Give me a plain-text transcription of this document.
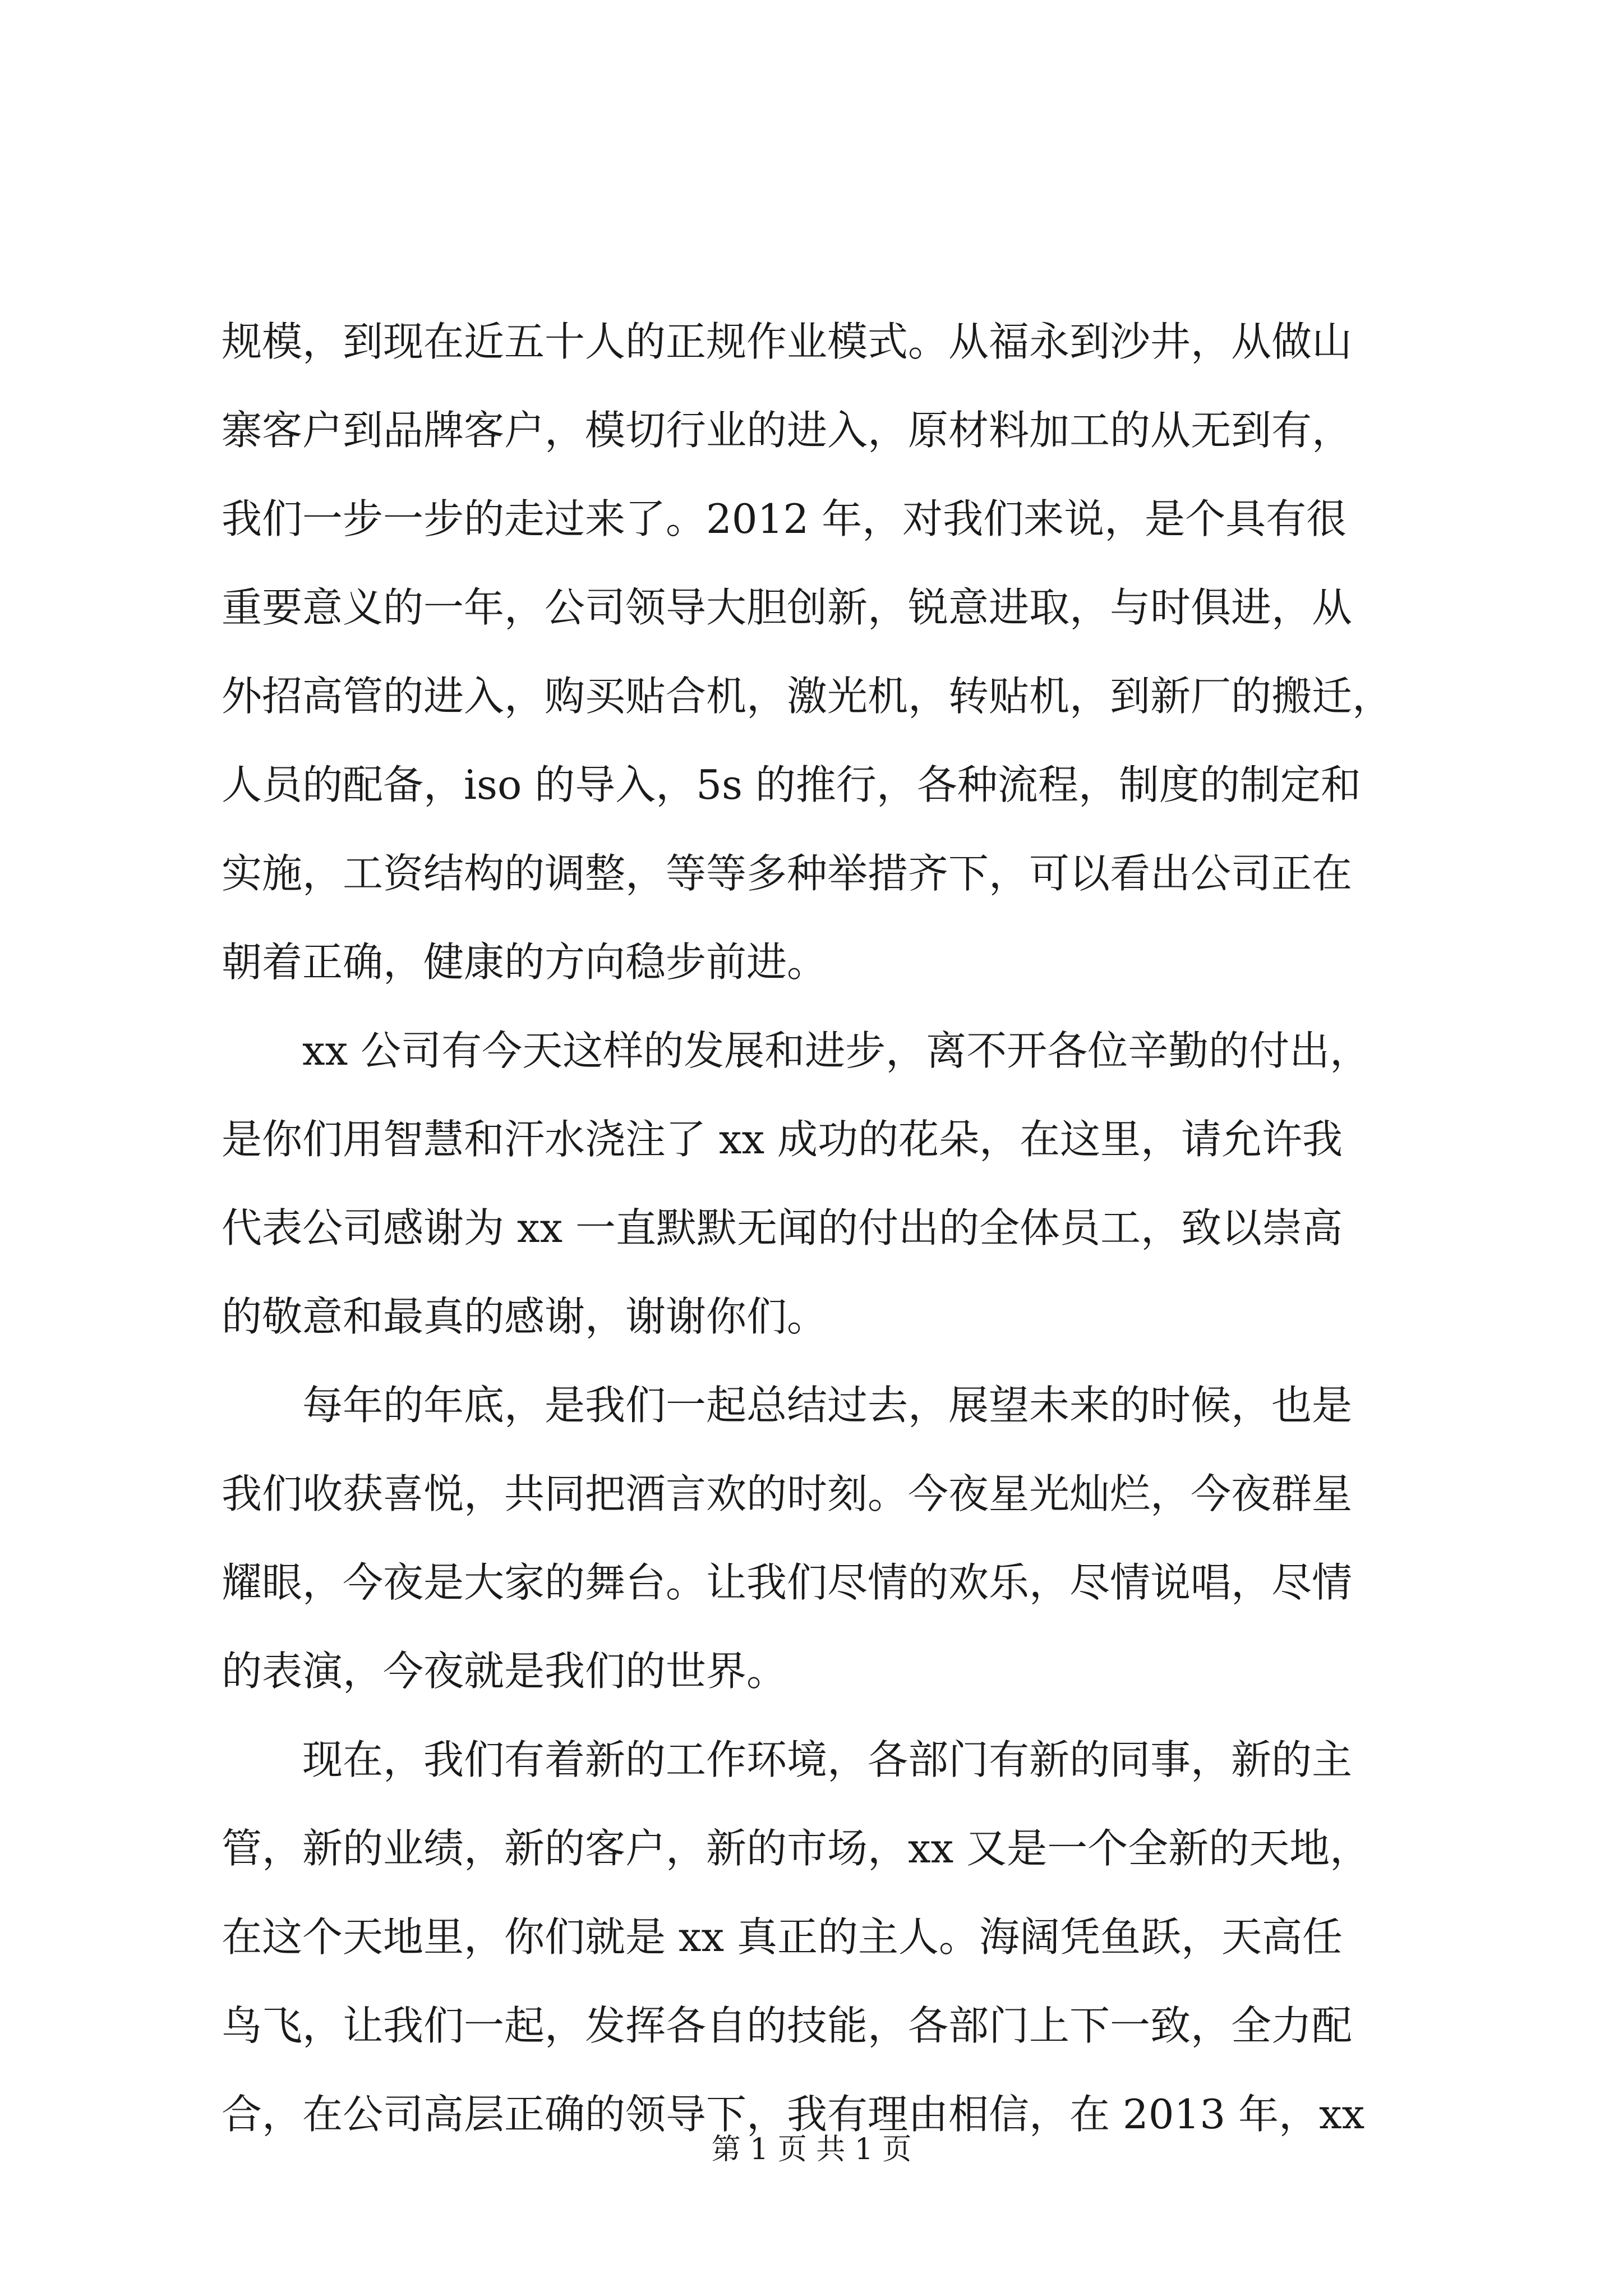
规模，到现在近五十人的正规作业模式。从福永到沙井，从做山
寨客户到品牌客户，模切行业的进入，原材料加工的从无到有，
我们一步一步的走过来了。2012 年，对我们来说，是个具有很
重要意义的一年，公司领导大胆创新，锐意进取，与时俱进，从
外招高管的进入，购买贴合机，激光机，转贴机，到新厂的搬迁，
人员的配备，iso 的导入，5s 的推行，各种流程，制度的制定和
实施，工资结构的调整，等等多种举措齐下，可以看出公司正在
朝着正确，健康的方向稳步前进。
xx 公司有今天这样的发展和进步，离不开各位辛勤的付出，
是你们用智慧和汗水浇注了 xx 成功的花朵，在这里，请允许我
代表公司感谢为 xx 一直默默无闻的付出的全体员工，致以崇高
的敬意和最真的感谢，谢谢你们。
每年的年底，是我们一起总结过去，展望未来的时候，也是
我们收获喜悦，共同把酒言欢的时刻。今夜星光灿烂，今夜群星
耀眼，今夜是大家的舞台。让我们尽情的欢乐，尽情说唱，尽情
的表演，今夜就是我们的世界。
现在，我们有着新的工作环境，各部门有新的同事，新的主
管，新的业绩，新的客户，新的市场，xx 又是一个全新的天地，
在这个天地里，你们就是 xx 真正的主人。海阔凭鱼跃，天高任
鸟飞，让我们一起，发挥各自的技能，各部门上下一致，全力配
合，在公司高层正确的领导下，我有理由相信，在 2013 年，xx
第 1 页 共 1 页
